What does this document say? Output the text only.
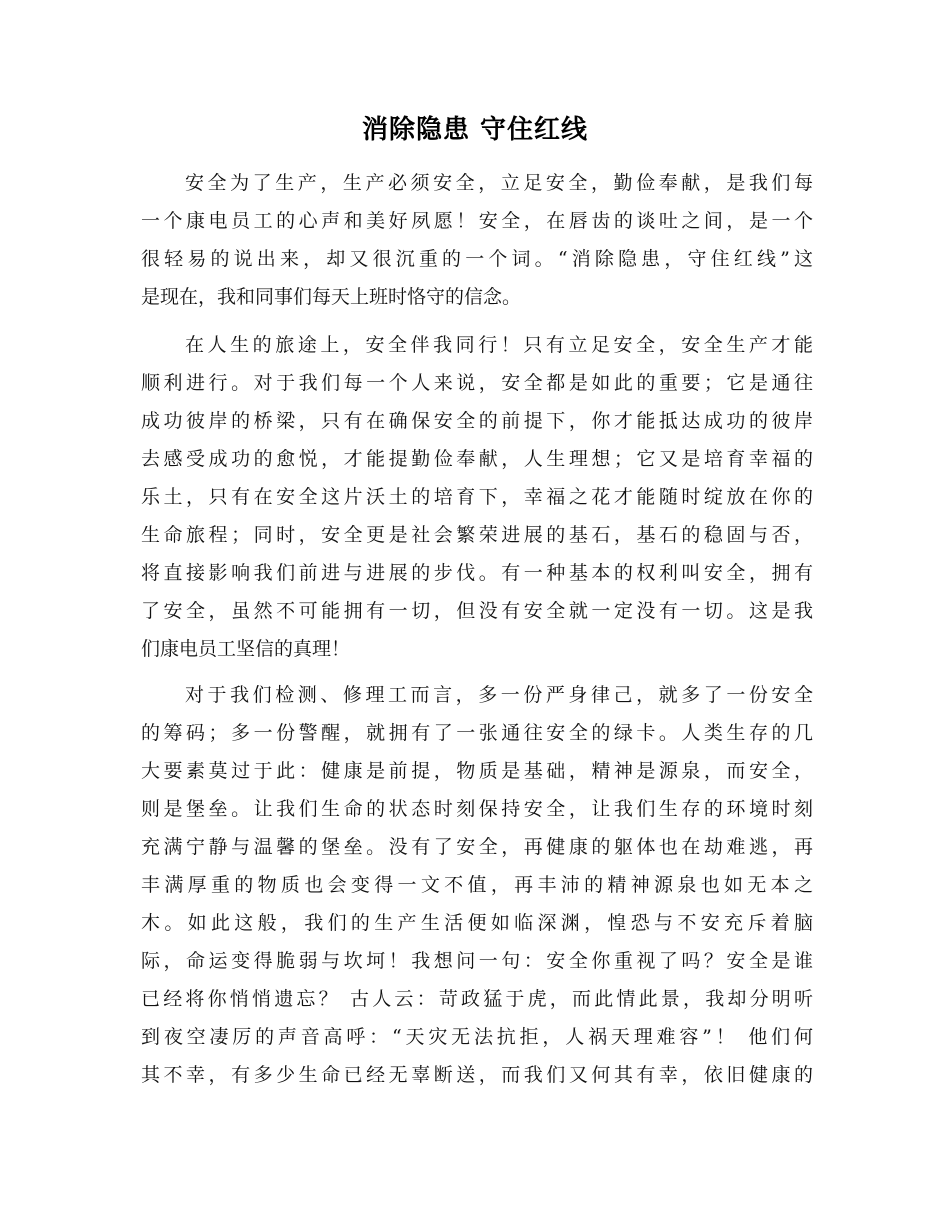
消除隐患 守住红线
安全为了生产，生产必须安全，立足安全，勤俭奉献，是我们每
一个康电员工的心声和美好夙愿！安全，在唇齿的谈吐之间，是一个
很轻易的说出来，却又很沉重的一个词。“消除隐患，守住红线”这
是现在，我和同事们每天上班时恪守的信念。
在人生的旅途上，安全伴我同行！只有立足安全，安全生产才能
顺利进行。对于我们每一个人来说，安全都是如此的重要；它是通往
成功彼岸的桥梁，只有在确保安全的前提下，你才能抵达成功的彼岸
去感受成功的愈悦，才能提勤俭奉献，人生理想；它又是培育幸福的
乐土，只有在安全这片沃土的培育下，幸福之花才能随时绽放在你的
生命旅程；同时，安全更是社会繁荣进展的基石，基石的稳固与否，
将直接影响我们前进与进展的步伐。有一种基本的权利叫安全，拥有
了安全，虽然不可能拥有一切，但没有安全就一定没有一切。这是我
们康电员工坚信的真理！
对于我们检测、修理工而言，多一份严身律己，就多了一份安全
的筹码；多一份警醒，就拥有了一张通往安全的绿卡。人类生存的几
大要素莫过于此：健康是前提，物质是基础，精神是源泉，而安全，
则是堡垒。让我们生命的状态时刻保持安全，让我们生存的环境时刻
充满宁静与温馨的堡垒。没有了安全，再健康的躯体也在劫难逃，再
丰满厚重的物质也会变得一文不值，再丰沛的精神源泉也如无本之
木。如此这般，我们的生产生活便如临深渊，惶恐与不安充斥着脑
际，命运变得脆弱与坎坷！我想问一句：安全你重视了吗？安全是谁
已经将你悄悄遗忘？ 古人云：苛政猛于虎，而此情此景，我却分明听
到夜空凄厉的声音高呼：“天灾无法抗拒，人祸天理难容”！ 他们何
其不幸，有多少生命已经无辜断送，而我们又何其有幸，依旧健康的
